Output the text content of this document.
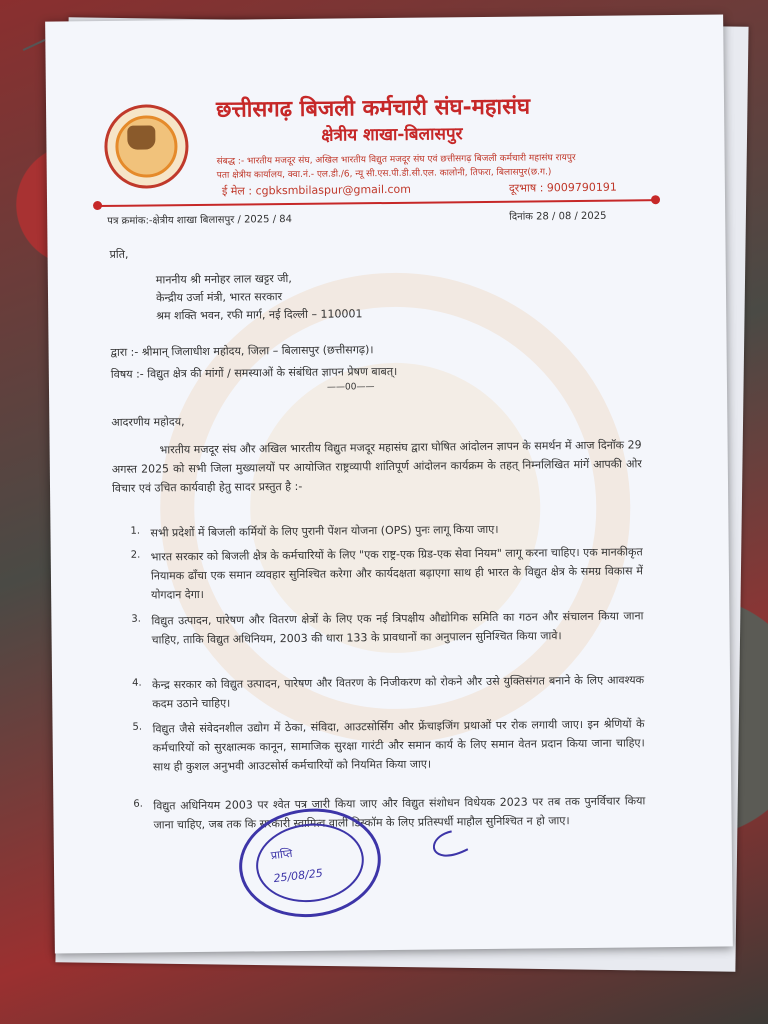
छत्तीसगढ़ बिजली कर्मचारी संघ-महासंघ
क्षेत्रीय शाखा-बिलासपुर
संबद्ध :- भारतीय मजदूर संघ, अखिल भारतीय विद्युत मजदूर संघ एवं छत्तीसगढ़ बिजली कर्मचारी महासंघ रायपुर
पता क्षेत्रीय कार्यालय, क्वा.नं.- एल.डी./6, न्यू सी.एस.पी.डी.सी.एल. कालोनी, तिफरा, बिलासपुर(छ.ग.)
ई मेल : cgbksmbilaspur@gmail.com	दूरभाष : 9009790191
पत्र क्रमांक:-क्षेत्रीय शाखा बिलासपुर / 2025 / 84	दिनांक 28 / 08 / 2025
प्रति,
माननीय श्री मनोहर लाल खट्टर जी,
केन्द्रीय उर्जा मंत्री, भारत सरकार
श्रम शक्ति भवन, रफी मार्ग, नई दिल्ली – 110001
द्वारा :- श्रीमान् जिलाधीश महोदय, जिला – बिलासपुर (छत्तीसगढ़)।
विषय :- विद्युत क्षेत्र की मांगों / समस्याओं के संबंधित ज्ञापन प्रेषण बाबत्।
——00——
आदरणीय महोदय,
भारतीय मजदूर संघ और अखिल भारतीय विद्युत मजदूर महासंघ द्वारा घोषित आंदोलन ज्ञापन के समर्थन में आज दिनॉक 29 अगस्त 2025 को सभी जिला मुख्यालयों पर आयोजित राष्ट्रव्यापी शांतिपूर्ण आंदोलन कार्यक्रम के तहत् निम्नलिखित मांगें आपकी ओर विचार एवं उचित कार्यवाही हेतु सादर प्रस्तुत है :-
1. सभी प्रदेशों में बिजली कर्मियों के लिए पुरानी पेंशन योजना (OPS) पुनः लागू किया जाए।
2. भारत सरकार को बिजली क्षेत्र के कर्मचारियों के लिए "एक राष्ट्र-एक ग्रिड-एक सेवा नियम" लागू करना चाहिए। एक मानकीकृत नियामक ढाँचा एक समान व्यवहार सुनिश्चित करेगा और कार्यदक्षता बढ़ाएगा साथ ही भारत के विद्युत क्षेत्र के समग्र विकास में योगदान देगा।
3. विद्युत उत्पादन, पारेषण और वितरण क्षेत्रों के लिए एक नई त्रिपक्षीय औद्योगिक समिति का गठन और संचालन किया जाना चाहिए, ताकि विद्युत अधिनियम, 2003 की धारा 133 के प्रावधानों का अनुपालन सुनिश्चित किया जावे।
4. केन्द्र सरकार को विद्युत उत्पादन, पारेषण और वितरण के निजीकरण को रोकने और उसे युक्तिसंगत बनाने के लिए आवश्यक कदम उठाने चाहिए।
5. विद्युत जैसे संवेदनशील उद्योग में ठेका, संविदा, आउटसोर्सिंग और फ्रेंचाइजिंग प्रथाओं पर रोक लगायी जाए। इन श्रेणियों के कर्मचारियों को सुरक्षात्मक कानून, सामाजिक सुरक्षा गारंटी और समान कार्य के लिए समान वेतन प्रदान किया जाना चाहिए। साथ ही कुशल अनुभवी आउटसोर्स कर्मचारियों को नियमित किया जाए।
6. विद्युत अधिनियम 2003 पर श्वेत पत्र जारी किया जाए और विद्युत संशोधन विधेयक 2023 पर तब तक पुनर्विचार किया जाना चाहिए, जब तक कि सरकारी स्वामित्व वाली डिस्कॉम के लिए प्रतिस्पर्धी माहौल सुनिश्चित न हो जाए।
प्राप्ति
25/08/25
